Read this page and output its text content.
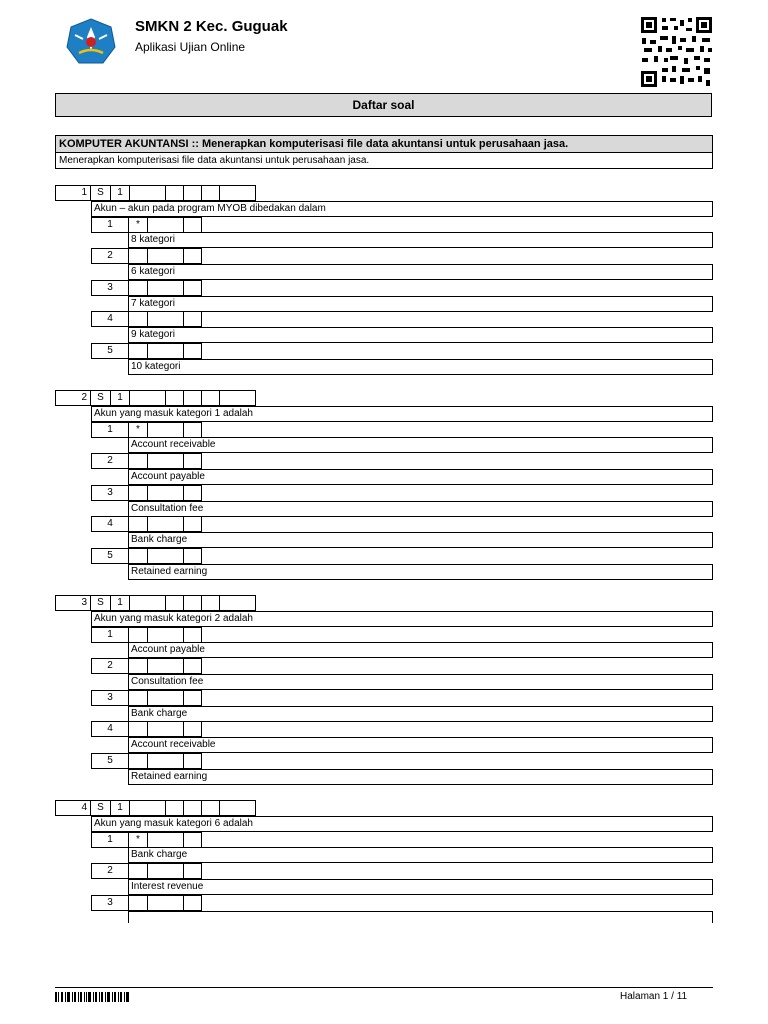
SMKN 2 Kec. Guguak
Aplikasi Ujian Online
Daftar soal
KOMPUTER AKUNTANSI :: Menerapkan komputerisasi file data akuntansi untuk perusahaan jasa.
Menerapkan komputerisasi file data akuntansi untuk perusahaan jasa.
1	S	1
Akun – akun pada program MYOB dibedakan dalam
1	*
8 kategori
2
6 kategori
3
7 kategori
4
9 kategori
5
10 kategori
2	S	1
Akun yang masuk kategori 1 adalah
1	*
Account receivable
2
Account payable
3
Consultation fee
4
Bank charge
5
Retained earning
3	S	1
Akun yang masuk kategori 2 adalah
1
Account payable
2
Consultation fee
3
Bank charge
4
Account receivable
5
Retained earning
4	S	1
Akun yang masuk kategori 6 adalah
1	*
Bank charge
2
Interest revenue
3
Halaman 1 / 11
